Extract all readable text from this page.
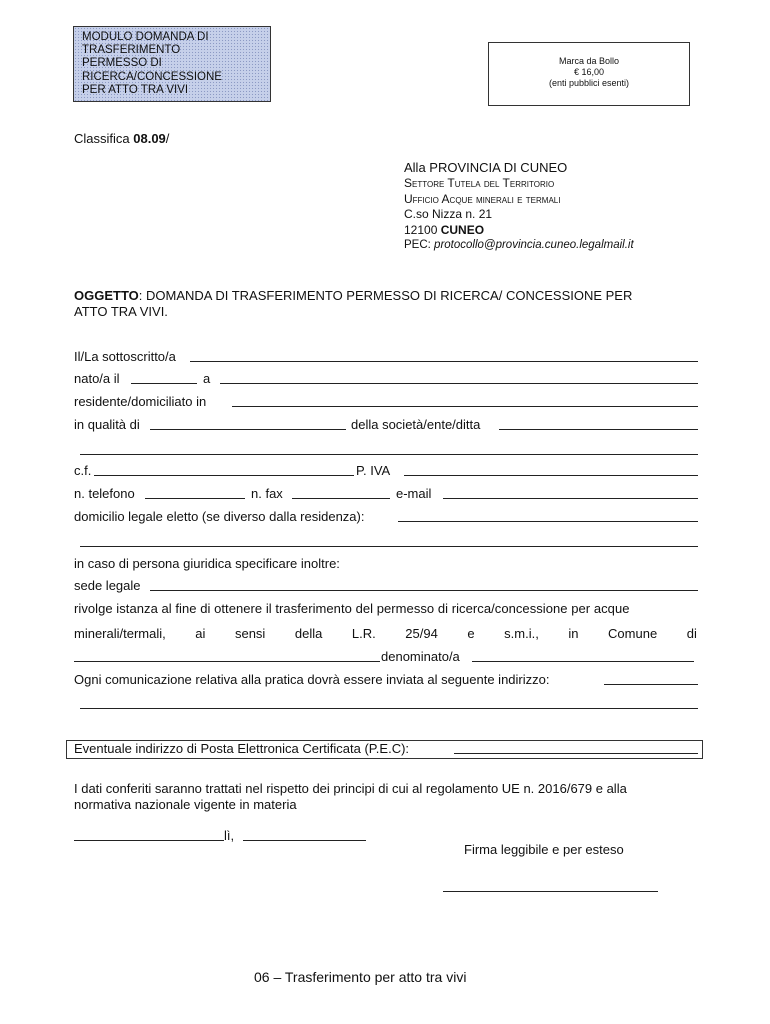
MODULO DOMANDA DI
TRASFERIMENTO
PERMESSO DI
RICERCA/CONCESSIONE
PER ATTO TRA VIVI
Marca da Bollo
€ 16,00
(enti pubblici esenti)
Classifica 08.09/
Alla PROVINCIA DI CUNEO
Settore Tutela del Territorio
Ufficio Acque minerali e termali
C.so Nizza n. 21
12100 CUNEO
PEC: protocollo@provincia.cuneo.legalmail.it
OGGETTO: DOMANDA DI TRASFERIMENTO PERMESSO DI RICERCA/ CONCESSIONE PER
ATTO TRA VIVI.
Il/La sottoscritto/a
nato/a il	a
residente/domiciliato in
in qualità di	della società/ente/ditta
c.f.	P. IVA
n. telefono	n. fax	e-mail
domicilio legale eletto (se diverso dalla residenza):
in caso di persona giuridica specificare inoltre:
sede legale
rivolge istanza al fine di ottenere il trasferimento del permesso di ricerca/concessione per acque
minerali/termali, ai sensi della L.R. 25/94 e s.m.i., in Comune di
denominato/a
Ogni comunicazione relativa alla pratica dovrà essere inviata al seguente indirizzo:
Eventuale indirizzo di Posta Elettronica Certificata (P.E.C):
I dati conferiti saranno trattati nel rispetto dei principi di cui al regolamento UE n. 2016/679 e alla
normativa nazionale vigente in materia
lì,
Firma leggibile e per esteso
06 – Trasferimento per atto tra vivi
